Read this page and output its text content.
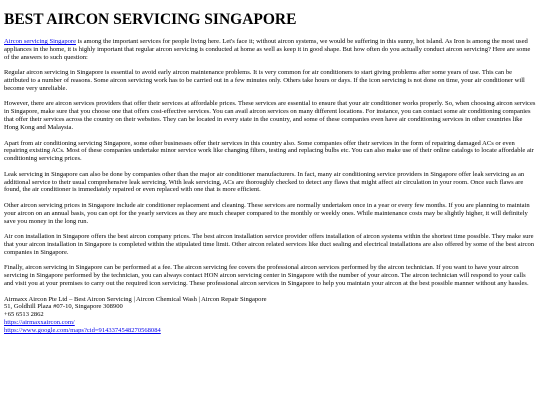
BEST AIRCON SERVICING SINGAPORE

Aircon servicing Singapore is among the important services for people living here. Let's face it; without aircon systems, we would be suffering in this sunny, hot island. As Iron is among the most used appliances in the home, it is highly important that regular aircon servicing is conducted at home as well as keep it in good shape. But how often do you actually conduct aircon servicing? Here are some of the answers to such question:

Regular aircon servicing in Singapore is essential to avoid early aircon maintenance problems. It is very common for air conditioners to start giving problems after some years of use. This can be attributed to a number of reasons. Some aircon servicing work has to be carried out in a few minutes only. Others take hours or days. If the icon servicing is not done on time, your air conditioner will become very unreliable.

However, there are aircon services providers that offer their services at affordable prices. These services are essential to ensure that your air conditioner works properly. So, when choosing aircon services in Singapore, make sure that you choose one that offers cost-effective services. You can avail aircon services on many different locations. For instance, you can contact some air conditioning companies that offer their services across the country on their websites. They can be located in every state in the country, and some of these companies even have air conditioning services in other countries like Hong Kong and Malaysia.

Apart from air conditioning servicing Singapore, some other businesses offer their services in this country also. Some companies offer their services in the form of repairing damaged ACs or even repairing existing ACs. Most of these companies undertake minor service work like changing filters, testing and replacing bulbs etc. You can also make use of their online catalogs to locate affordable air conditioning servicing prices.

Leak servicing in Singapore can also be done by companies other than the major air conditioner manufacturers. In fact, many air conditioning service providers in Singapore offer leak servicing as an additional service to their usual comprehensive leak servicing. With leak servicing, ACs are thoroughly checked to detect any flaws that might affect air circulation in your room. Once such flaws are found, the air conditioner is immediately repaired or even replaced with one that is more efficient.

Other aircon servicing prices in Singapore include air conditioner replacement and cleaning. These services are normally undertaken once in a year or every few months. If you are planning to maintain your aircon on an annual basis, you can opt for the yearly services as they are much cheaper compared to the monthly or weekly ones. While maintenance costs may be slightly higher, it will definitely save you money in the long run.

Air con installation in Singapore offers the best aircon company prices. The best aircon installation service provider offers installation of aircon systems within the shortest time possible. They make sure that your aircon installation in Singapore is completed within the stipulated time limit. Other aircon related services like duct sealing and electrical installations are also offered by some of the best aircon companies in Singapore.

Finally, aircon servicing in Singapore can be performed at a fee. The aircon servicing fee covers the professional aircon services performed by the aircon technician. If you want to have your aircon servicing in Singapore performed by the technician, you can always contact HON aircon servicing center in Singapore with the number of your aircon. The aircon technician will respond to your calls and visit you at your premises to carry out the required icon servicing. These professional aircon services in Singapore to help you maintain your aircon at the best possible manner without any hassles.

Airmaxx Aircon Pte Ltd – Best Aircon Servicing | Aircon Chemical Wash | Aircon Repair Singapore
51, Goldhill Plaza #07-10, Singapore 308900
+65 6513 2862
https://airmaxxaircon.com/
https://www.google.com/maps?cid=9143374548270568084
